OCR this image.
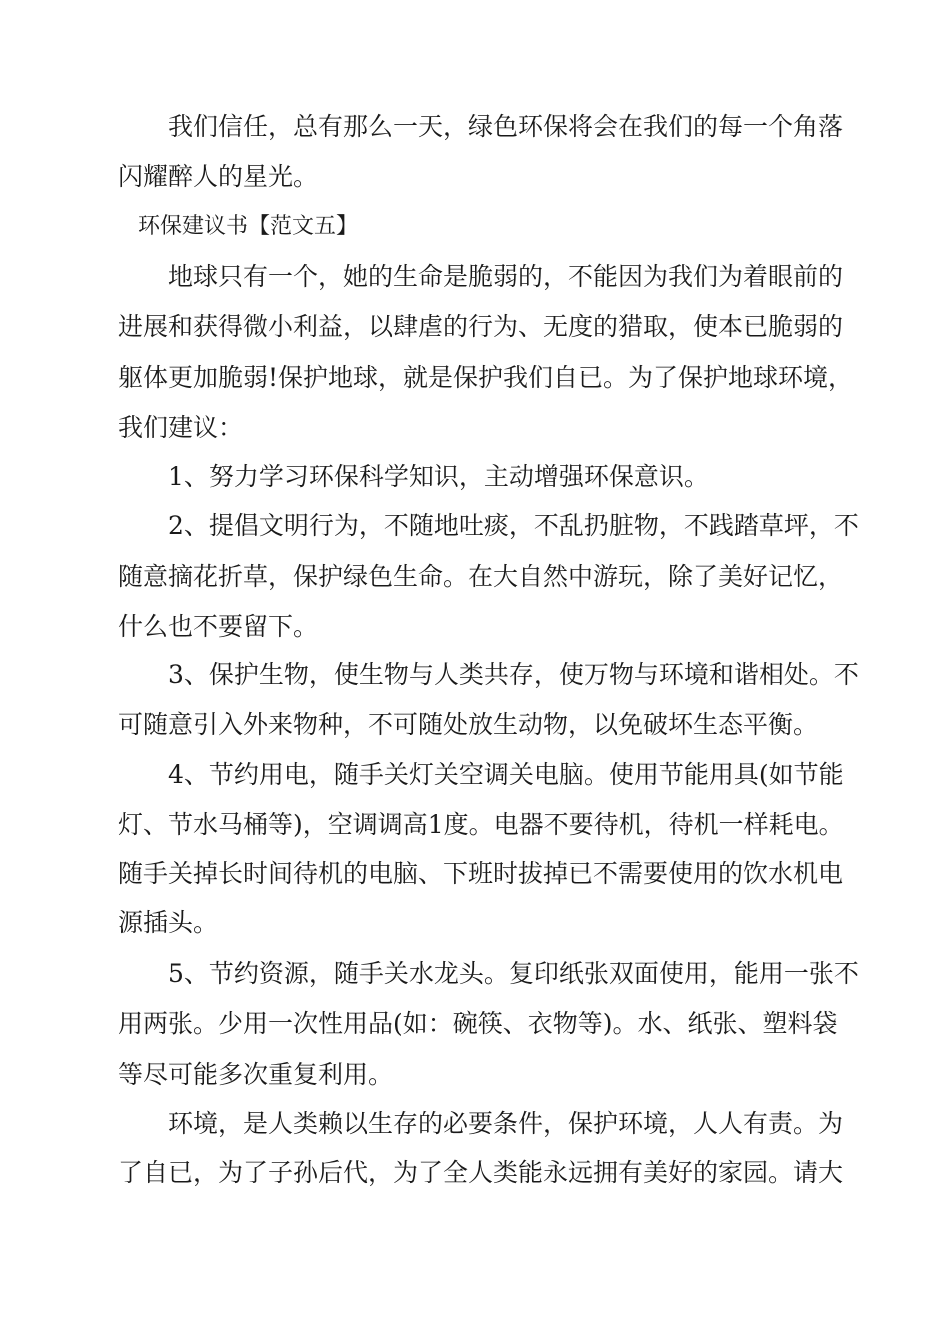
我们信任，总有那么一天，绿色环保将会在我们的每一个角落
闪耀醉人的星光。
环保建议书【范文五】
地球只有一个，她的生命是脆弱的，不能因为我们为着眼前的
进展和获得微小利益，以肆虐的行为、无度的猎取，使本已脆弱的
躯体更加脆弱!保护地球，就是保护我们自已。为了保护地球环境，
我们建议：
1、努力学习环保科学知识，主动增强环保意识。
2、提倡文明行为，不随地吐痰，不乱扔脏物，不践踏草坪，不
随意摘花折草，保护绿色生命。在大自然中游玩，除了美好记忆，
什么也不要留下。
3、保护生物，使生物与人类共存，使万物与环境和谐相处。不
可随意引入外来物种，不可随处放生动物，以免破坏生态平衡。
4、节约用电，随手关灯关空调关电脑。使用节能用具(如节能
灯、节水马桶等)，空调调高1度。电器不要待机，待机一样耗电。
随手关掉长时间待机的电脑、下班时拔掉已不需要使用的饮水机电
源插头。
5、节约资源，随手关水龙头。复印纸张双面使用，能用一张不
用两张。少用一次性用品(如：碗筷、衣物等)。水、纸张、塑料袋
等尽可能多次重复利用。
环境，是人类赖以生存的必要条件，保护环境，人人有责。为
了自已，为了子孙后代，为了全人类能永远拥有美好的家园。请大
